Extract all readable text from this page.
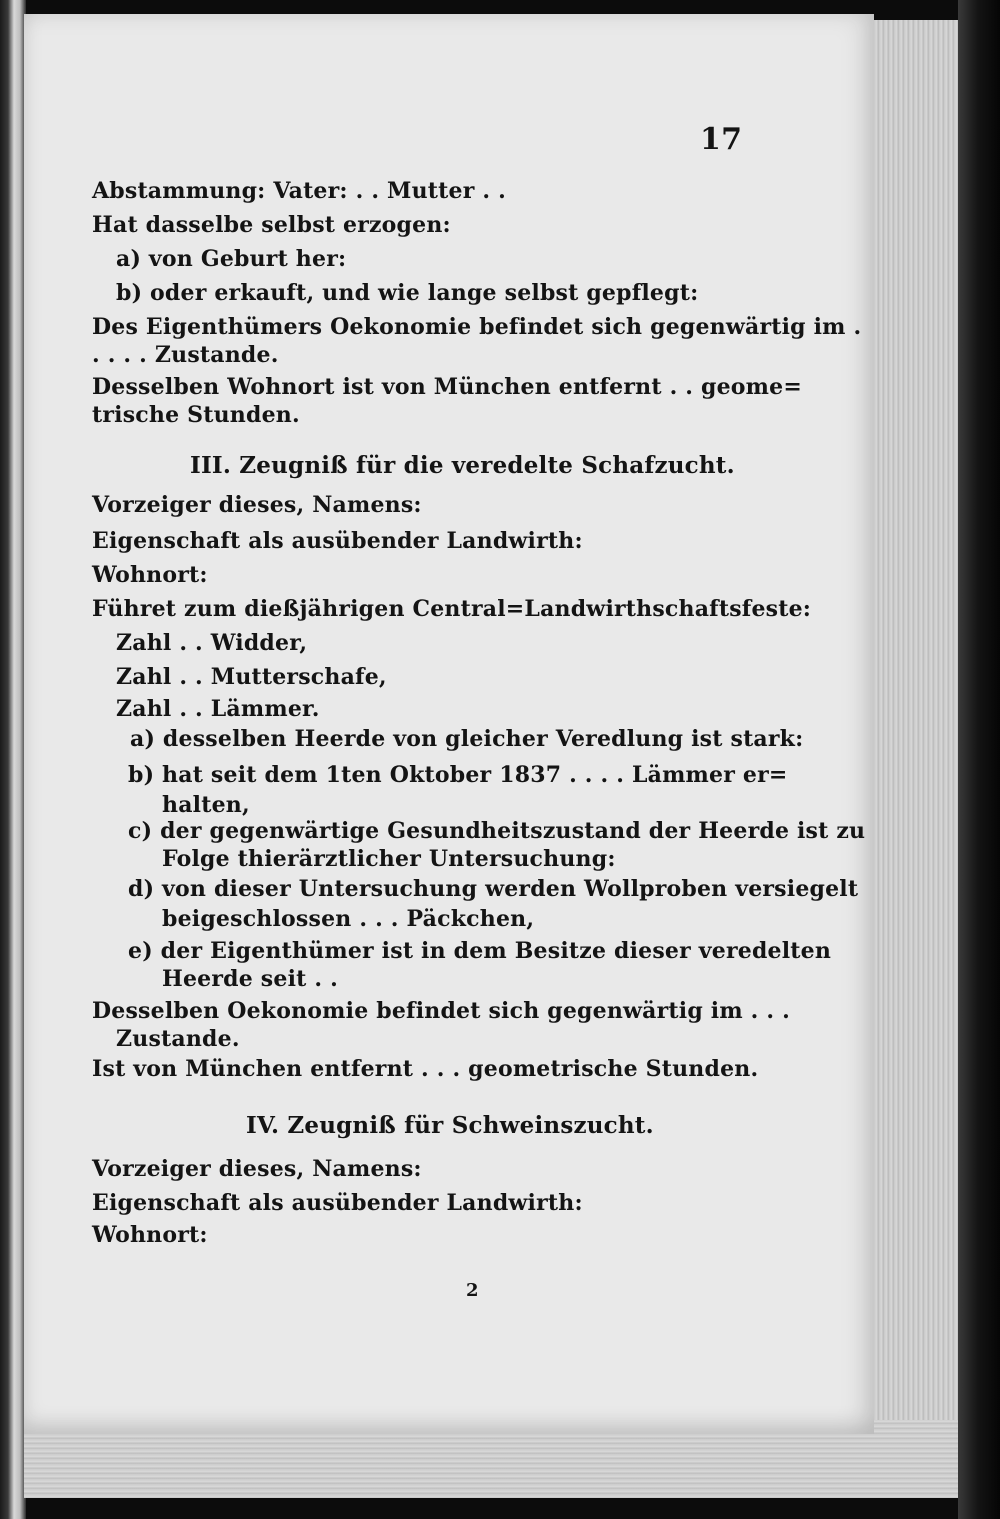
17
Abstammung: Vater: . . Mutter . .
Hat dasselbe selbst erzogen:
a) von Geburt her:
b) oder erkauft, und wie lange selbst gepflegt:
Des Eigenthümers Oekonomie befindet sich gegenwärtig im .
. . . . Zustande.
Desselben Wohnort ist von München entfernt . . geome=
trische Stunden.
III. Zeugniß für die veredelte Schafzucht.
Vorzeiger dieses, Namens:
Eigenschaft als ausübender Landwirth:
Wohnort:
Führet zum dießjährigen Central=Landwirthschaftsfeste:
Zahl . . Widder,
Zahl . . Mutterschafe,
Zahl . . Lämmer.
a) desselben Heerde von gleicher Veredlung ist stark:
b) hat seit dem 1ten Oktober 1837 . . . . Lämmer er=
halten,
c) der gegenwärtige Gesundheitszustand der Heerde ist zu
Folge thierärztlicher Untersuchung:
d) von dieser Untersuchung werden Wollproben versiegelt
beigeschlossen . . . Päckchen,
e) der Eigenthümer ist in dem Besitze dieser veredelten
Heerde seit . .
Desselben Oekonomie befindet sich gegenwärtig im . . .
Zustande.
Ist von München entfernt . . . geometrische Stunden.
IV. Zeugniß für Schweinszucht.
Vorzeiger dieses, Namens:
Eigenschaft als ausübender Landwirth:
Wohnort:
2
